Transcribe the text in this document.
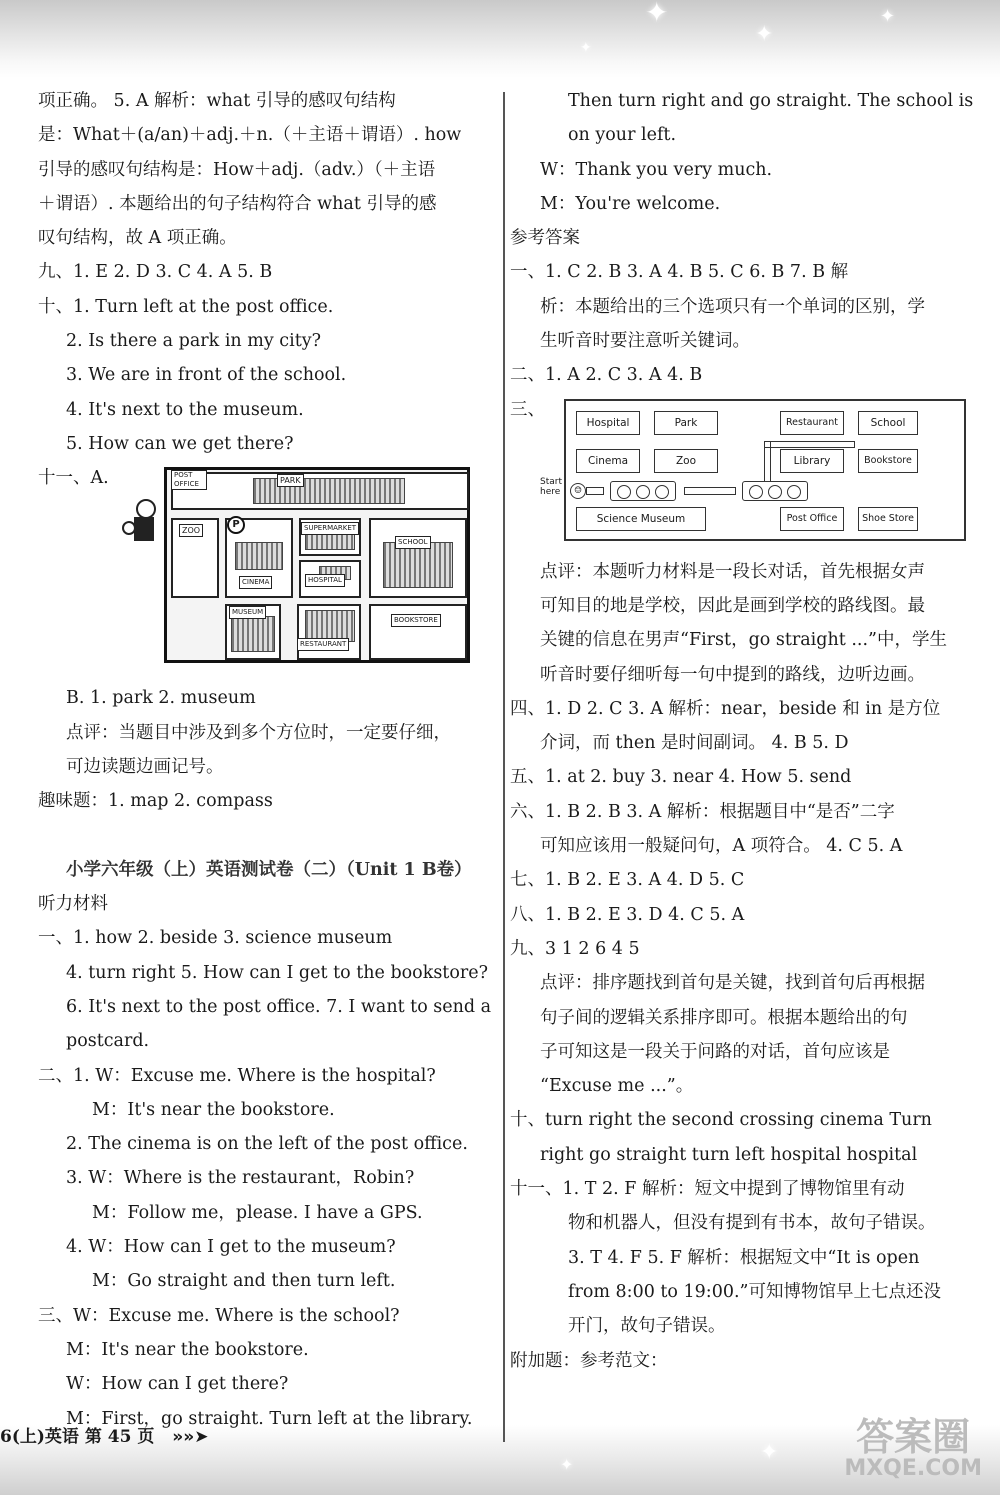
✦
✦
✦
✦
✦
✦
项正确。 5. A 解析：what 引导的感叹句结构
是：What＋(a/an)＋adj.＋n.（＋主语＋谓语）. how
引导的感叹句结构是：How＋adj.（adv.）（＋主语
＋谓语）. 本题给出的句子结构符合 what 引导的感
叹句结构，故 A 项正确。
九、1. E 2. D 3. C 4. A 5. B
十、1. Turn left at the post office.
2. Is there a park in my city?
3. We are in front of the school.
4. It's next to the museum.
5. How can we get there?
十一、A.	POST OFFICE	PARK
ZOO
P	SUPERMARKET
HOSPITAL
CINEMA
SCHOOL
MUSEUM
RESTAURANT
BOOKSTORE
B. 1. park 2. museum
点评：当题目中涉及到多个方位时，一定要仔细，
可边读题边画记号。
趣味题：1. map 2. compass
小学六年级（上）英语测试卷（二）（Unit 1 B卷）
听力材料
一、1. how 2. beside 3. science museum
4. turn right 5. How can I get to the bookstore?
6. It's next to the post office. 7. I want to send a
postcard.
二、1. W：Excuse me. Where is the hospital?
M：It's near the bookstore.
2. The cinema is on the left of the post office.
3. W：Where is the restaurant，Robin?
M：Follow me，please. I have a GPS.
4. W：How can I get to the museum?
M：Go straight and then turn left.
三、W：Excuse me. Where is the school?
M：It's near the bookstore.
W：How can I get there?
M：First，go straight. Turn left at the library.
Then turn right and go straight. The school is
on your left.
W：Thank you very much.
M：You're welcome.
参考答案
一、1. C 2. B 3. A 4. B 5. C 6. B 7. B 解
析：本题给出的三个选项只有一个单词的区别，学
生听音时要注意听关键词。
二、1. A 2. C 3. A 4. B
三、
Hospital	Park	Restaurant	School
Cinema	Zoo	Library	Bookstore
Start here	☺
Science Museum	Post Office	Shoe Store
点评：本题听力材料是一段长对话，首先根据女声
可知目的地是学校，因此是画到学校的路线图。最
关键的信息在男声“First，go straight ...”中，学生
听音时要仔细听每一句中提到的路线，边听边画。
四、1. D 2. C 3. A 解析：near，beside 和 in 是方位
介词，而 then 是时间副词。 4. B 5. D
五、1. at 2. buy 3. near 4. How 5. send
六、1. B 2. B 3. A 解析：根据题目中“是否”二字
可知应该用一般疑问句，A 项符合。 4. C 5. A
七、1. B 2. E 3. A 4. D 5. C
八、1. B 2. E 3. D 4. C 5. A
九、3 1 2 6 4 5
点评：排序题找到首句是关键，找到首句后再根据
句子间的逻辑关系排序即可。根据本题给出的句
子可知这是一段关于问路的对话，首句应该是
“Excuse me ...”。
十、turn right the second crossing cinema Turn
right go straight turn left hospital hospital
十一、1. T 2. F 解析：短文中提到了博物馆里有动
物和机器人，但没有提到有书本，故句子错误。
3. T 4. F 5. F 解析：根据短文中“It is open
from 8:00 to 19:00.”可知博物馆早上七点还没
开门，故句子错误。
附加题：参考范文：
6(上)英语 第 45 页 »»➤	答案圈
MXQE.COM
